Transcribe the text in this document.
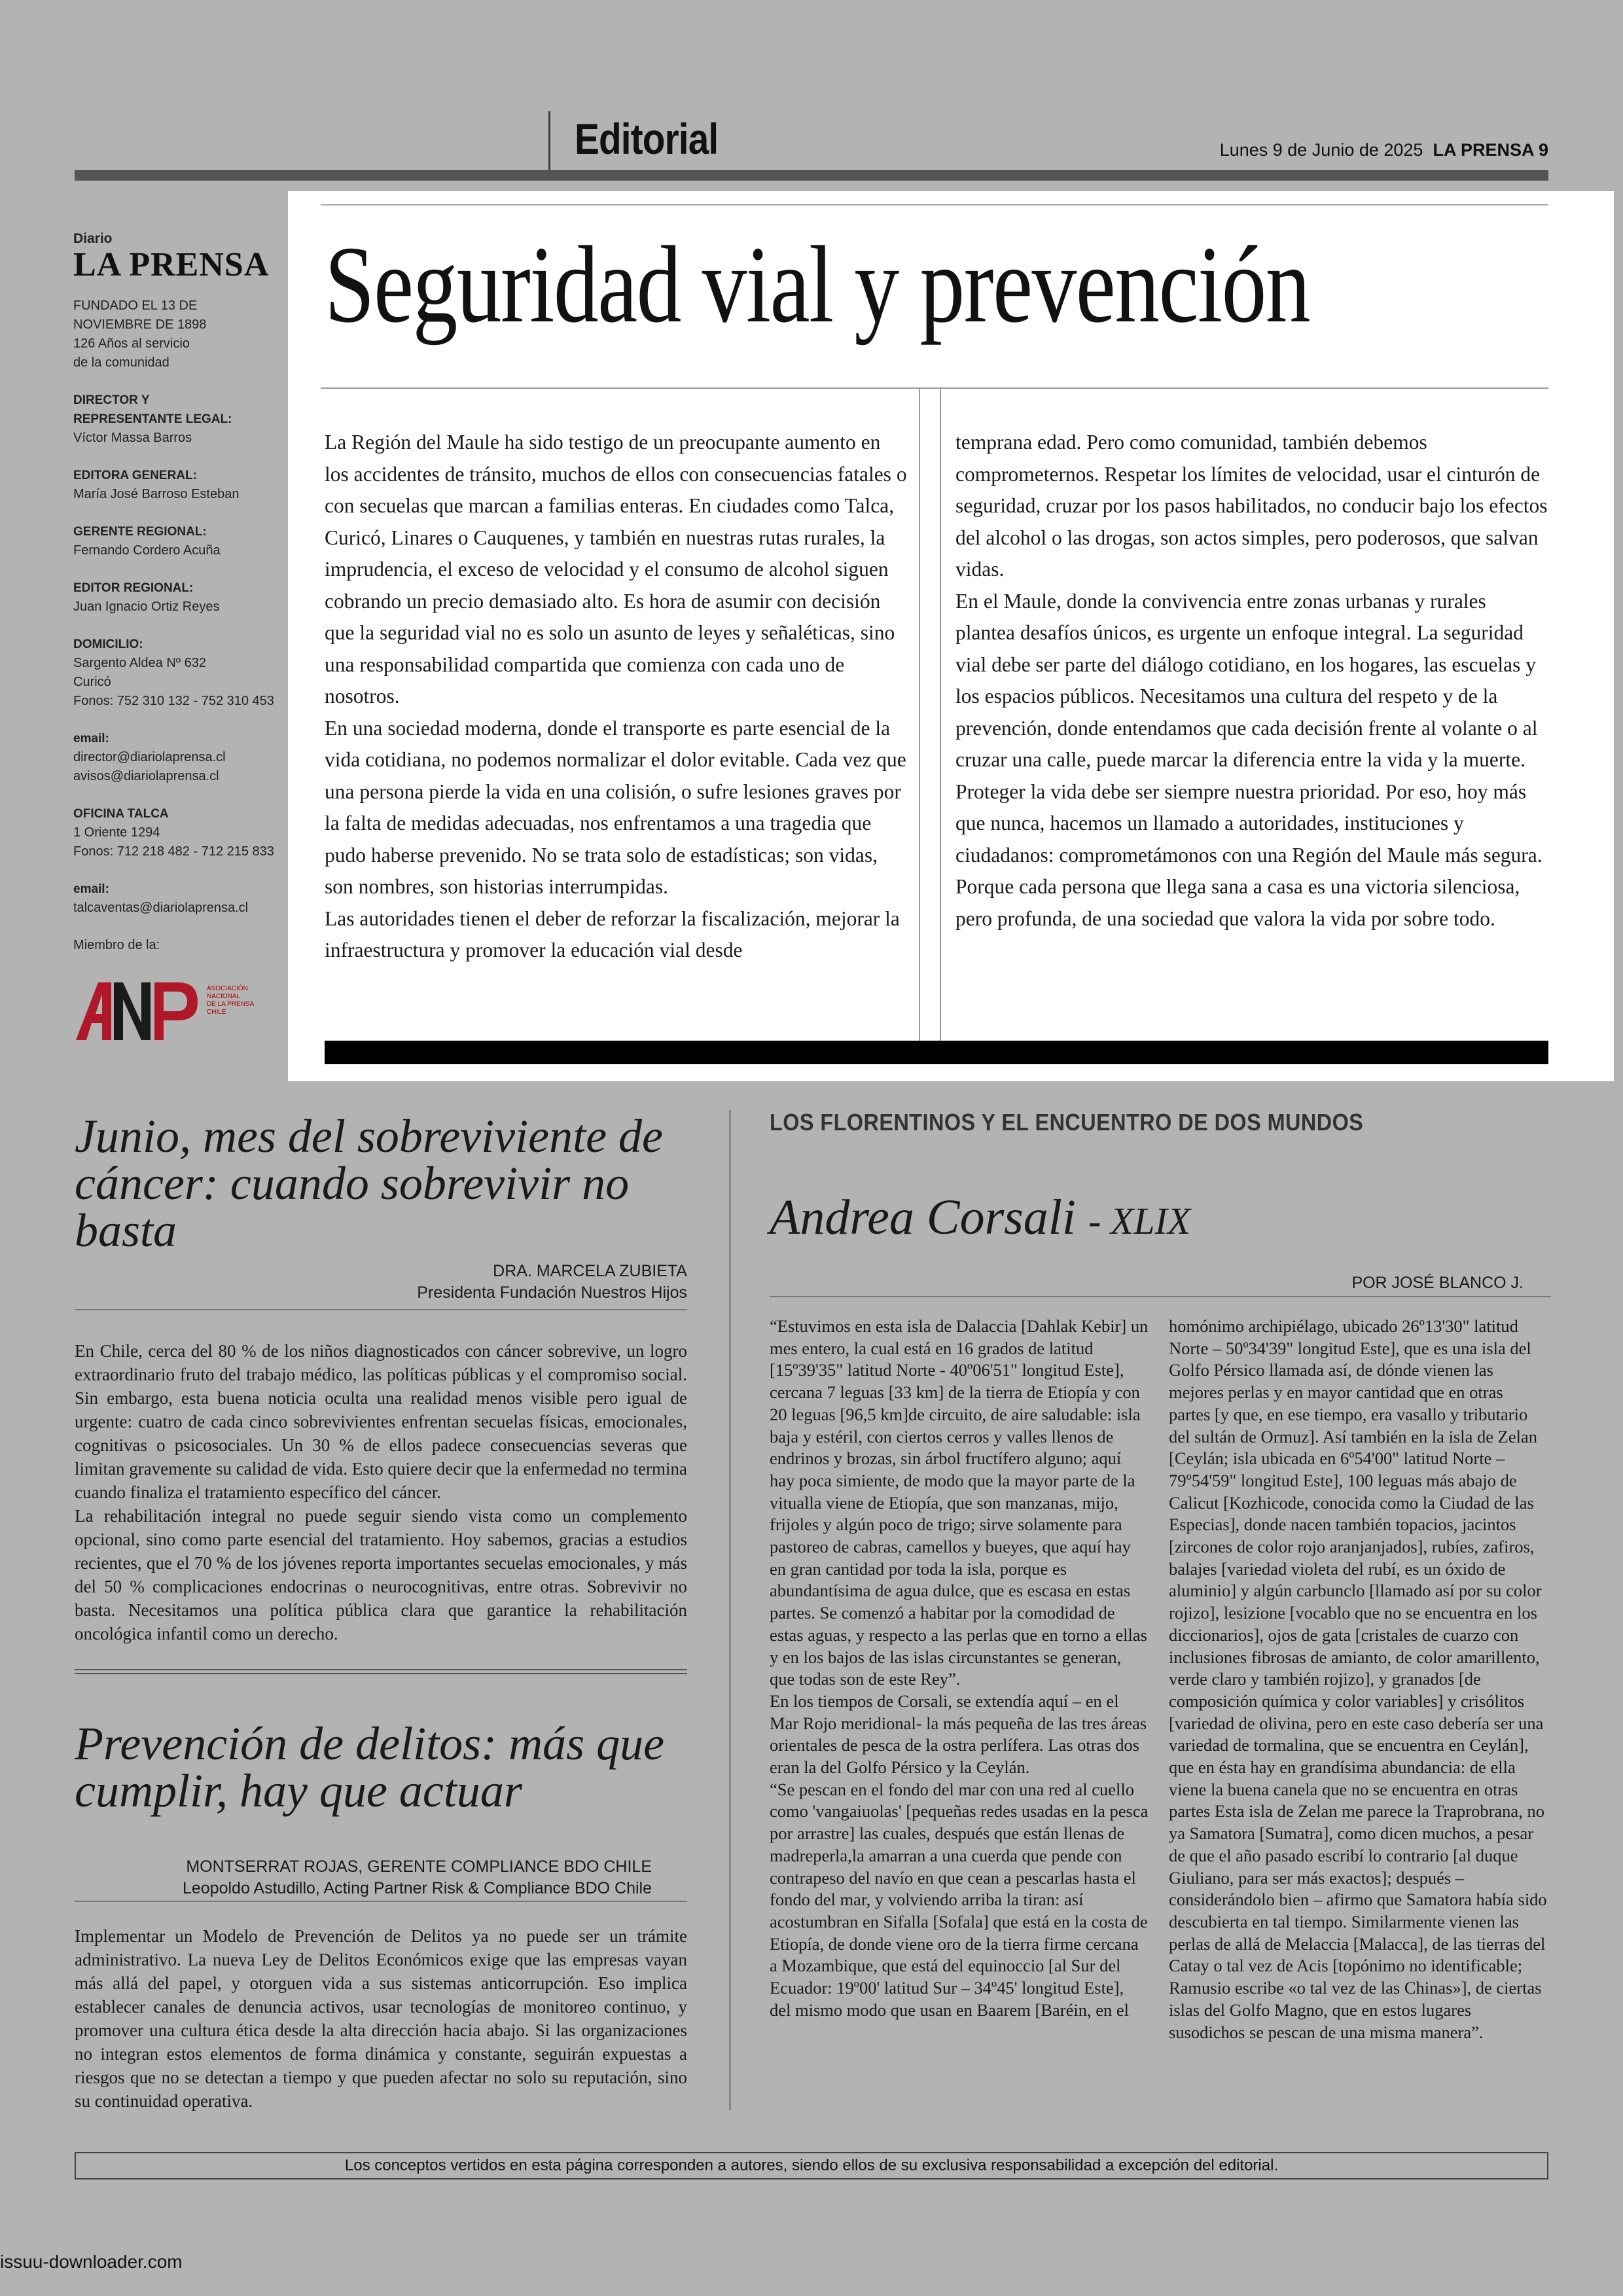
Editorial	Lunes 9 de Junio de 2025 LA PRENSA 9
Diario
LA PRENSA
FUNDADO EL 13 DE
NOVIEMBRE DE 1898
126 Años al servicio
de la comunidad
DIRECTOR Y
REPRESENTANTE LEGAL:
Víctor Massa Barros
EDITORA GENERAL:
María José Barroso Esteban
GERENTE REGIONAL:
Fernando Cordero Acuña
EDITOR REGIONAL:
Juan Ignacio Ortiz Reyes
DOMICILIO:
Sargento Aldea Nº 632
Curicó
Fonos: 752 310 132 - 752 310 453
email:
director@diariolaprensa.cl
avisos@diariolaprensa.cl
OFICINA TALCA
1 Oriente 1294
Fonos: 712 218 482 - 712 215 833
email:
talcaventas@diariolaprensa.cl
Miembro de la:
ASOCIACIÓN
NACIONAL
DE LA PRENSA
CHILE
Seguridad vial y prevención

La Región del Maule ha sido testigo de un preocupante aumento en los accidentes de tránsito, muchos de ellos con consecuencias fatales o con secuelas que marcan a familias enteras. En ciudades como Talca, Curicó, Linares o Cauquenes, y también en nuestras rutas rurales, la imprudencia, el exceso de velocidad y el consumo de alcohol siguen cobrando un precio demasiado alto. Es hora de asumir con decisión que la seguridad vial no es solo un asunto de leyes y señaléticas, sino una responsabilidad compartida que comienza con cada uno de nosotros.

En una sociedad moderna, donde el transporte es parte esencial de la vida cotidiana, no podemos normalizar el dolor evitable. Cada vez que una persona pierde la vida en una colisión, o sufre lesiones graves por la falta de medidas adecuadas, nos enfrentamos a una tragedia que pudo haberse prevenido. No se trata solo de estadísticas; son vidas, son nombres, son historias interrumpidas.

Las autoridades tienen el deber de reforzar la fiscalización, mejorar la infraestructura y promover la educación vial desde

temprana edad. Pero como comunidad, también debemos comprometernos. Respetar los límites de velocidad, usar el cinturón de seguridad, cruzar por los pasos habilitados, no conducir bajo los efectos del alcohol o las drogas, son actos simples, pero poderosos, que salvan vidas.

En el Maule, donde la convivencia entre zonas urbanas y rurales plantea desafíos únicos, es urgente un enfoque integral. La seguridad vial debe ser parte del diálogo cotidiano, en los hogares, las escuelas y los espacios públicos. Necesitamos una cultura del respeto y de la prevención, donde entendamos que cada decisión frente al volante o al cruzar una calle, puede marcar la diferencia entre la vida y la muerte.

Proteger la vida debe ser siempre nuestra prioridad. Por eso, hoy más que nunca, hacemos un llamado a autoridades, instituciones y ciudadanos: comprometámonos con una Región del Maule más segura. Porque cada persona que llega sana a casa es una victoria silenciosa, pero profunda, de una sociedad que valora la vida por sobre todo.

Junio, mes del sobreviviente de cáncer: cuando sobrevivir no basta
DRA. MARCELA ZUBIETA
Presidenta Fundación Nuestros Hijos

En Chile, cerca del 80 % de los niños diagnosticados con cáncer sobrevive, un logro extraordinario fruto del trabajo médico, las políticas públicas y el compromiso social. Sin embargo, esta buena noticia oculta una realidad menos visible pero igual de urgente: cuatro de cada cinco sobrevivientes enfrentan secuelas físicas, emocionales, cognitivas o psicosociales. Un 30 % de ellos padece consecuencias severas que limitan gravemente su calidad de vida. Esto quiere decir que la enfermedad no termina cuando finaliza el tratamiento específico del cáncer.

La rehabilitación integral no puede seguir siendo vista como un complemento opcional, sino como parte esencial del tratamiento. Hoy sabemos, gracias a estudios recientes, que el 70 % de los jóvenes reporta importantes secuelas emocionales, y más del 50 % complicaciones endocrinas o neurocognitivas, entre otras. Sobrevivir no basta. Necesitamos una política pública clara que garantice la rehabilitación oncológica infantil como un derecho.

Prevención de delitos: más que cumplir, hay que actuar
MONTSERRAT ROJAS, GERENTE COMPLIANCE BDO CHILE
Leopoldo Astudillo, Acting Partner Risk & Compliance BDO Chile

Implementar un Modelo de Prevención de Delitos ya no puede ser un trámite administrativo. La nueva Ley de Delitos Económicos exige que las empresas vayan más allá del papel, y otorguen vida a sus sistemas anticorrupción. Eso implica establecer canales de denuncia activos, usar tecnologías de monitoreo continuo, y promover una cultura ética desde la alta dirección hacia abajo. Si las organizaciones no integran estos elementos de forma dinámica y constante, seguirán expuestas a riesgos que no se detectan a tiempo y que pueden afectar no solo su reputación, sino su continuidad operativa.

LOS FLORENTINOS Y EL ENCUENTRO DE DOS MUNDOS
Andrea Corsali - XLIX
POR JOSÉ BLANCO J.

“Estuvimos en esta isla de Dalaccia [Dahlak Kebir] un mes entero, la cual está en 16 grados de latitud [15º39'35" latitud Norte - 40º06'51" longitud Este], cercana 7 leguas [33 km] de la tierra de Etiopía y con 20 leguas [96,5 km]de circuito, de aire saludable: isla baja y estéril, con ciertos cerros y valles llenos de endrinos y brozas, sin árbol fructífero alguno; aquí hay poca simiente, de modo que la mayor parte de la vitualla viene de Etiopía, que son manzanas, mijo, frijoles y algún poco de trigo; sirve solamente para pastoreo de cabras, camellos y bueyes, que aquí hay en gran cantidad por toda la isla, porque es abundantísima de agua dulce, que es escasa en estas partes. Se comenzó a habitar por la comodidad de estas aguas, y respecto a las perlas que en torno a ellas y en los bajos de las islas circunstantes se generan, que todas son de este Rey”.

En los tiempos de Corsali, se extendía aquí – en el Mar Rojo meridional- la más pequeña de las tres áreas orientales de pesca de la ostra perlífera. Las otras dos eran la del Golfo Pérsico y la Ceylán.

“Se pescan en el fondo del mar con una red al cuello como 'vangaiuolas' [pequeñas redes usadas en la pesca por arrastre] las cuales, después que están llenas de madreperla,la amarran a una cuerda que pende con contrapeso del navío en que cean a pescarlas hasta el fondo del mar, y volviendo arriba la tiran: así acostumbran en Sifalla [Sofala] que está en la costa de Etiopía, de donde viene oro de la tierra firme cercana a Mozambique, que está del equinoccio [al Sur del Ecuador: 19º00' latitud Sur – 34º45' longitud Este], del mismo modo que usan en Baarem [Baréin, en el

homónimo archipiélago, ubicado 26º13'30" latitud Norte – 50º34'39" longitud Este], que es una isla del Golfo Pérsico llamada así, de dónde vienen las mejores perlas y en mayor cantidad que en otras partes [y que, en ese tiempo, era vasallo y tributario del sultán de Ormuz]. Así también en la isla de Zelan [Ceylán; isla ubicada en 6º54'00" latitud Norte – 79º54'59" longitud Este], 100 leguas más abajo de Calicut [Kozhicode, conocida como la Ciudad de las Especias], donde nacen también topacios, jacintos [zircones de color rojo aranjanjados], rubíes, zafiros, balajes [variedad violeta del rubí, es un óxido de aluminio] y algún carbunclo [llamado así por su color rojizo], lesizione [vocablo que no se encuentra en los diccionarios], ojos de gata [cristales de cuarzo con inclusiones fibrosas de amianto, de color amarillento, verde claro y también rojizo], y granados [de composición química y color variables] y crisólitos [variedad de olivina, pero en este caso debería ser una variedad de tormalina, que se encuentra en Ceylán], que en ésta hay en grandísima abundancia: de ella viene la buena canela que no se encuentra en otras partes Esta isla de Zelan me parece la Traprobrana, no ya Samatora [Sumatra], como dicen muchos, a pesar de que el año pasado escribí lo contrario [al duque Giuliano, para ser más exactos]; después – considerándolo bien – afirmo que Samatora había sido descubierta en tal tiempo. Similarmente vienen las perlas de allá de Melaccia [Malacca], de las tierras del Catay o tal vez de Acis [topónimo no identificable; Ramusio escribe «o tal vez de las Chinas»], de ciertas islas del Golfo Magno, que en estos lugares susodichos se pescan de una misma manera”.

Los conceptos vertidos en esta página corresponden a autores, siendo ellos de su exclusiva responsabilidad a excepción del editorial.
issuu-downloader.com
